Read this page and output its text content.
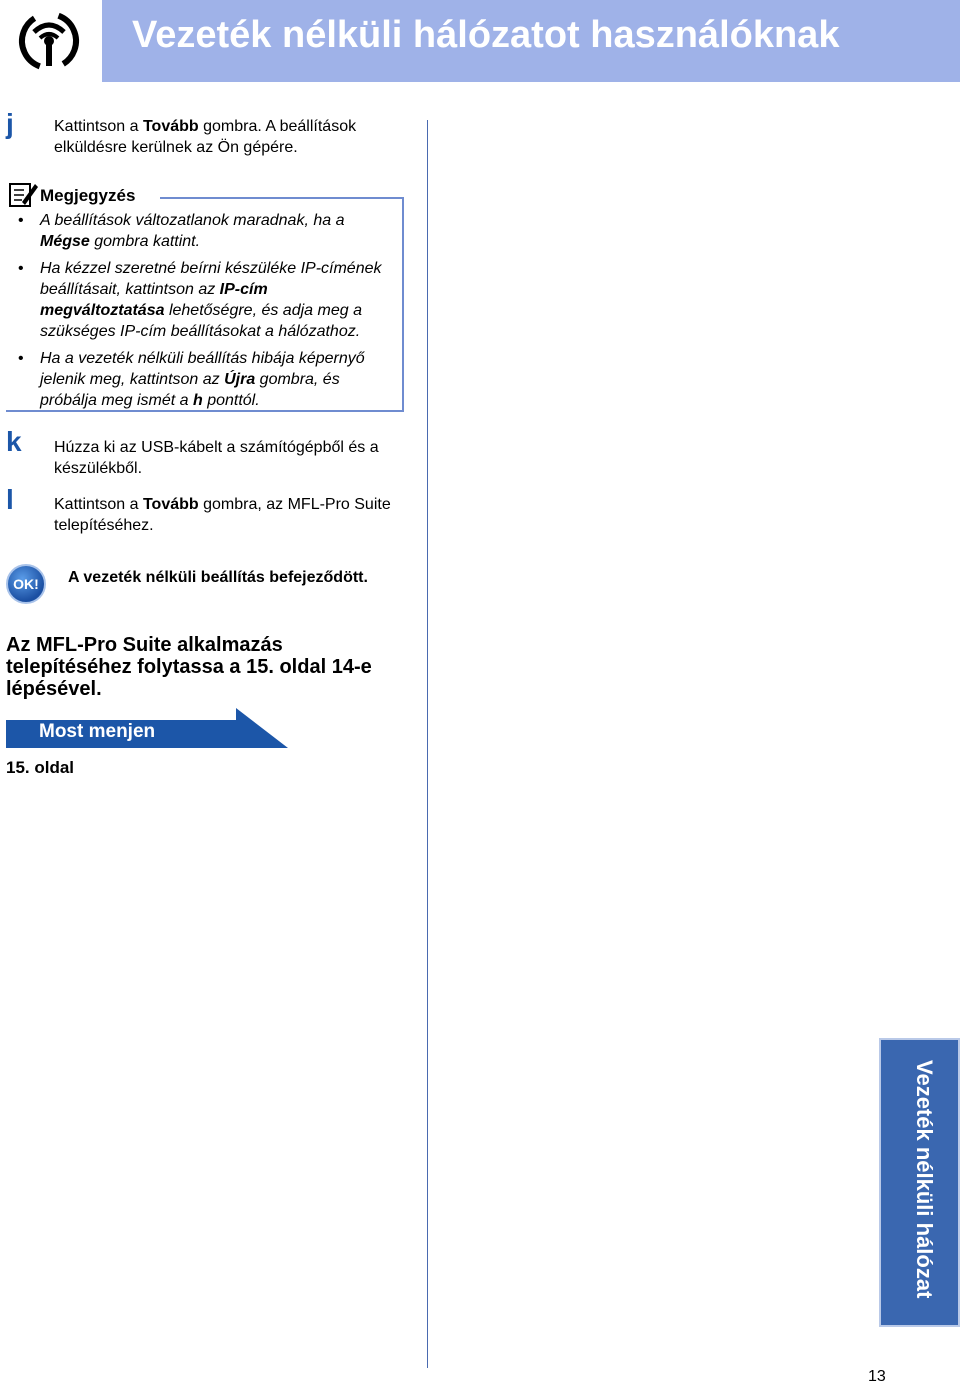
Vezeték nélküli hálózatot használóknak
j	Kattintson a Tovább gombra. A beállítások elküldésre kerülnek az Ön gépére.
Megjegyzés
• A beállítások változatlanok maradnak, ha a Mégse gombra kattint.
• Ha kézzel szeretné beírni készüléke IP-címének beállításait, kattintson az IP-cím megváltoztatása lehetőségre, és adja meg a szükséges IP-cím beállításokat a hálózathoz.
• Ha a vezeték nélküli beállítás hibája képernyő jelenik meg, kattintson az Újra gombra, és próbálja meg ismét a h ponttól.
k Húzza ki az USB-kábelt a számítógépből és a készülékből.
l	Kattintson a Tovább gombra, az MFL-Pro Suite telepítéséhez.
OK!	A vezeték nélküli beállítás befejeződött.
Az MFL-Pro Suite alkalmazás telepítéséhez folytassa a 15. oldal 14-e lépésével.
Most menjen
15. oldal
Vezeték nélküli hálózat
13
